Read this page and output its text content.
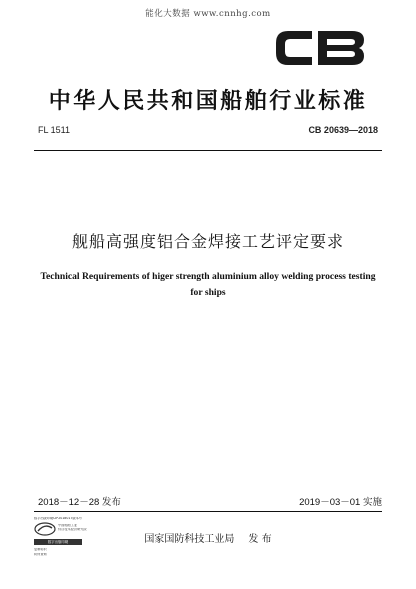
能化大数据 www.cnnhg.com
中华人民共和国船舶行业标准
FL 1511	CB 20639—2018
舰船高强度铝合金焊接工艺评定要求
Technical Requirements of higer strength aluminium alloy welding process testing
for ships
2018－12－28 发布	2019－03－01 实施
数字出版印刷CIP2018017版本号
中国船舶工业
综合技术经济研究院
数字出版印刷
复制标识
防伪查询
国家国防科技工业局 发 布
